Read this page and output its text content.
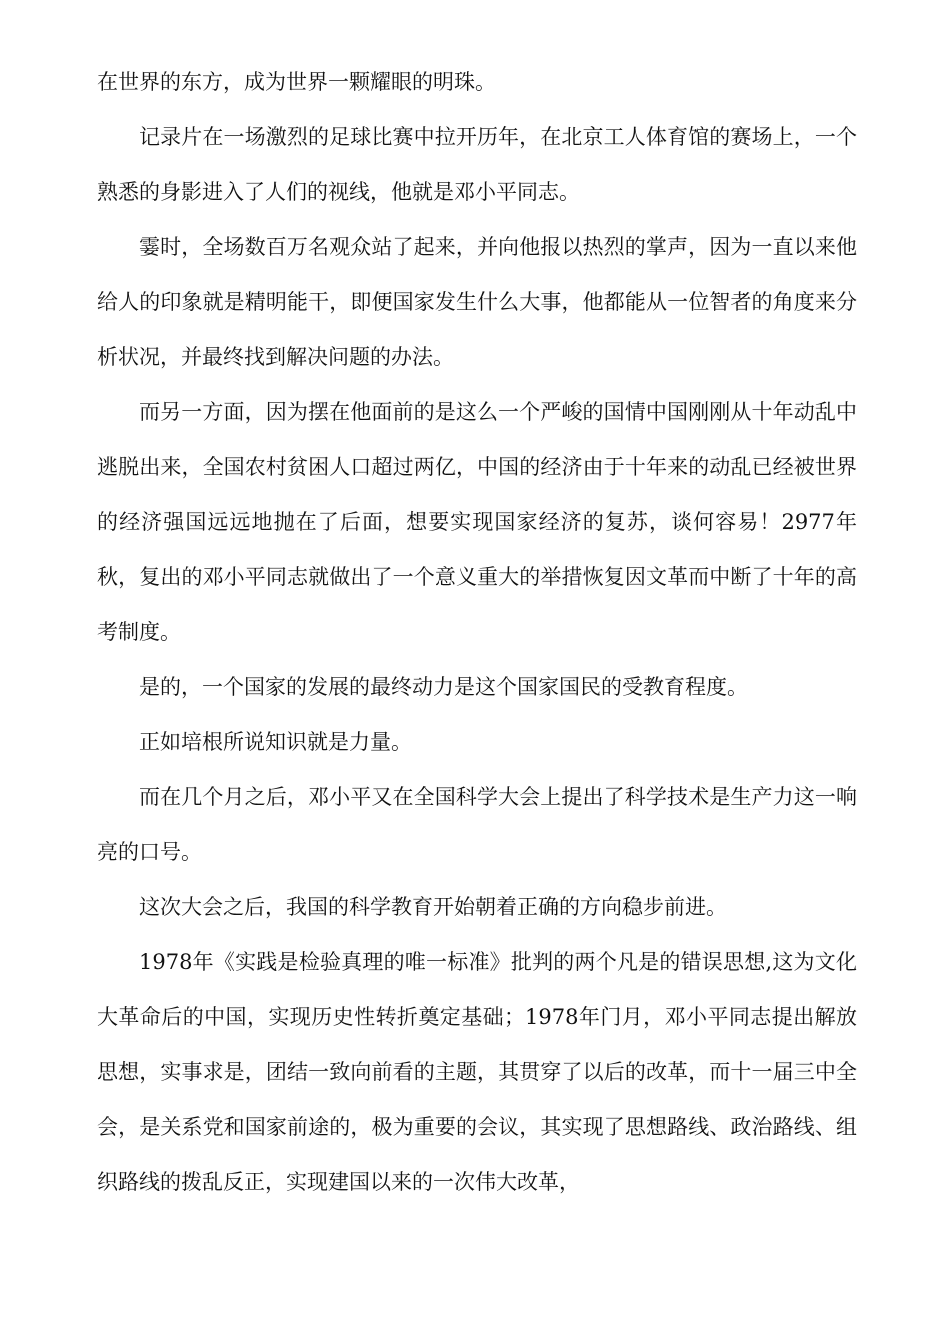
在世界的东方，成为世界一颗耀眼的明珠。

记录片在一场激烈的足球比赛中拉开历年，在北京工人体育馆的赛场上，一个熟悉的身影进入了人们的视线，他就是邓小平同志。

霎时，全场数百万名观众站了起来，并向他报以热烈的掌声，因为一直以来他给人的印象就是精明能干，即便国家发生什么大事，他都能从一位智者的角度来分析状况，并最终找到解决问题的办法。

而另一方面，因为摆在他面前的是这么一个严峻的国情中国刚刚从十年动乱中逃脱出来，全国农村贫困人口超过两亿，中国的经济由于十年来的动乱已经被世界的经济强国远远地抛在了后面，想要实现国家经济的复苏，谈何容易！2977年秋，复出的邓小平同志就做出了一个意义重大的举措恢复因文革而中断了十年的高考制度。

是的，一个国家的发展的最终动力是这个国家国民的受教育程度。

正如培根所说知识就是力量。

而在几个月之后，邓小平又在全国科学大会上提出了科学技术是生产力这一响亮的口号。

这次大会之后，我国的科学教育开始朝着正确的方向稳步前进。

1978年《实践是检验真理的唯一标准》批判的两个凡是的错误思想,这为文化大革命后的中国，实现历史性转折奠定基础；1978年门月，邓小平同志提出解放思想，实事求是，团结一致向前看的主题，其贯穿了以后的改革，而十一届三中全会，是关系党和国家前途的，极为重要的会议，其实现了思想路线、政治路线、组织路线的拨乱反正，实现建国以来的一次伟大改革，
